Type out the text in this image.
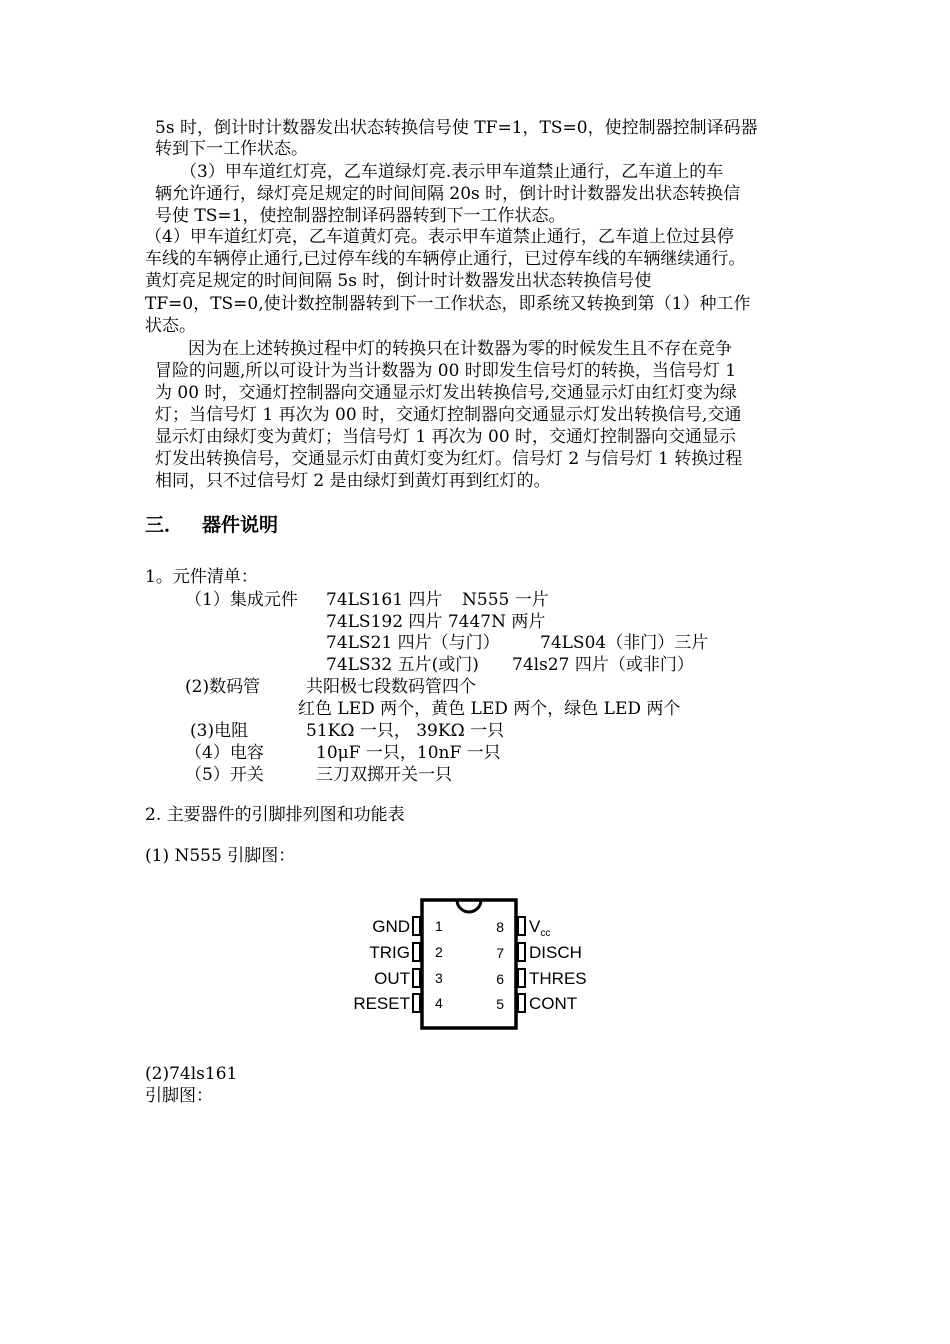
5s 时，倒计时计数器发出状态转换信号使 TF=1，TS=0，使控制器控制译码器
转到下一工作状态。
（3）甲车道红灯亮，乙车道绿灯亮.表示甲车道禁止通行，乙车道上的车
辆允许通行，绿灯亮足规定的时间间隔 20s 时，倒计时计数器发出状态转换信
号使 TS=1，使控制器控制译码器转到下一工作状态。
（4）甲车道红灯亮，乙车道黄灯亮。表示甲车道禁止通行，乙车道上位过县停
车线的车辆停止通行,已过停车线的车辆停止通行，已过停车线的车辆继续通行。
黄灯亮足规定的时间间隔 5s 时，倒计时计数器发出状态转换信号使
TF=0，TS=0,使计数控制器转到下一工作状态，即系统又转换到第（1）种工作
状态。
因为在上述转换过程中灯的转换只在计数器为零的时候发生且不存在竞争
冒险的问题,所以可设计为当计数器为 00 时即发生信号灯的转换，当信号灯 1
为 00 时，交通灯控制器向交通显示灯发出转换信号,交通显示灯由红灯变为绿
灯；当信号灯 1 再次为 00 时，交通灯控制器向交通显示灯发出转换信号,交通
显示灯由绿灯变为黄灯；当信号灯 1 再次为 00 时，交通灯控制器向交通显示
灯发出转换信号，交通显示灯由黄灯变为红灯。信号灯 2 与信号灯 1 转换过程
相同，只不过信号灯 2 是由绿灯到黄灯再到红灯的。
三． 器件说明
1。元件清单：
（1）集成元件 74LS161 四片 N555 一片
74LS192 四片 7447N 两片
74LS21 四片（与门） 74LS04（非门）三片
74LS32 五片(或门) 74ls27 四片（或非门）
(2)数码管	共阳极七段数码管四个
红色 LED 两个，黄色 LED 两个，绿色 LED 两个
(3)电阻	51KΩ 一只， 39KΩ 一只
（4）电容	10μF 一只，10nF 一只
（5）开关	三刀双掷开关一只
2. 主要器件的引脚排列图和功能表
(1) N555 引脚图：
GND 1
TRIG 2
OUT 3
RESET 4
8 $V_{cc}$
7 DISCH
6 THRES
5 CONT
(2)74ls161
引脚图：
